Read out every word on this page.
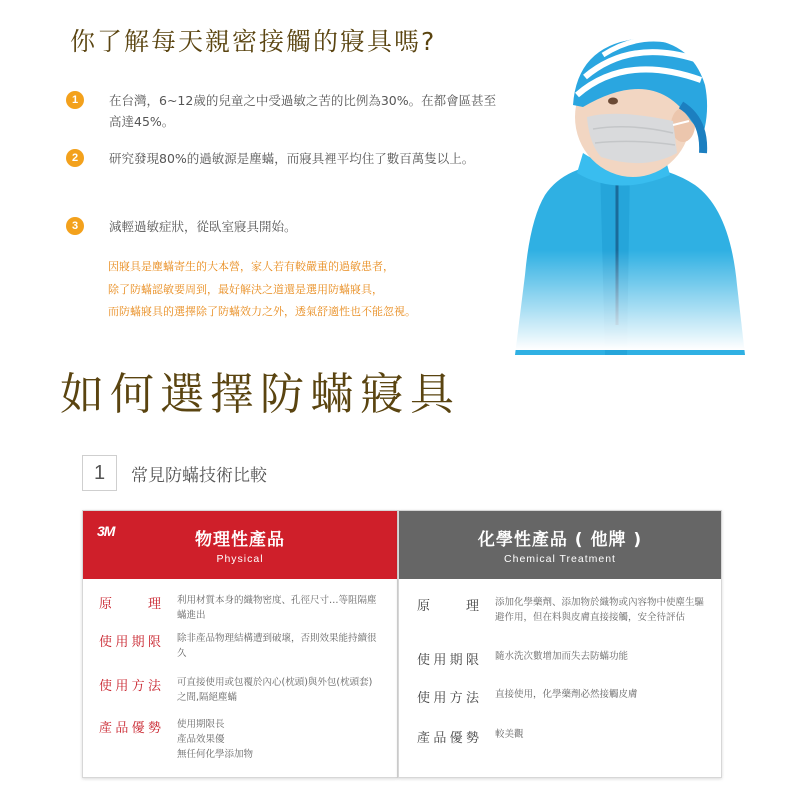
你了解每天親密接觸的寢具嗎?
1	在台灣，6~12歲的兒童之中受過敏之苦的比例為30%。在都會區甚至高達45%。
2	研究發現80%的過敏源是塵蟎，而寢具裡平均住了數百萬隻以上。
3	減輕過敏症狀，從臥室寢具開始。
因寢具是塵蟎寄生的大本營，家人若有較嚴重的過敏患者，
除了防蟎認敏要周到，最好解決之道還是選用防蟎寢具，
而防蟎寢具的選擇除了防蟎效力之外，透氣舒適性也不能忽視。
如何選擇防蟎寢具
1	常見防蟎技術比較
3M	物理性產品
Physical
原　理 利用材質本身的織物密度、孔徑尺寸…等阻隔塵蟎進出
使用期限 除非產品物理結構遭到破壞，否則效果能持續很久
使用方法 可直接使用或包覆於內心(枕頭)與外包(枕頭套)之間,隔絕塵蟎
產品優勢 使用期限長
產品效果優
無任何化學添加物
化學性產品 ( 他牌 )
Chemical Treatment
原　理 添加化學藥劑、添加物於織物或內容物中使塵生驅避作用，但在料與皮膚直接接觸，安全待評估
使用期限 隨水洗次數增加而失去防蟎功能
使用方法 直接使用，化學藥劑必然接觸皮膚
產品優勢 較美觀
